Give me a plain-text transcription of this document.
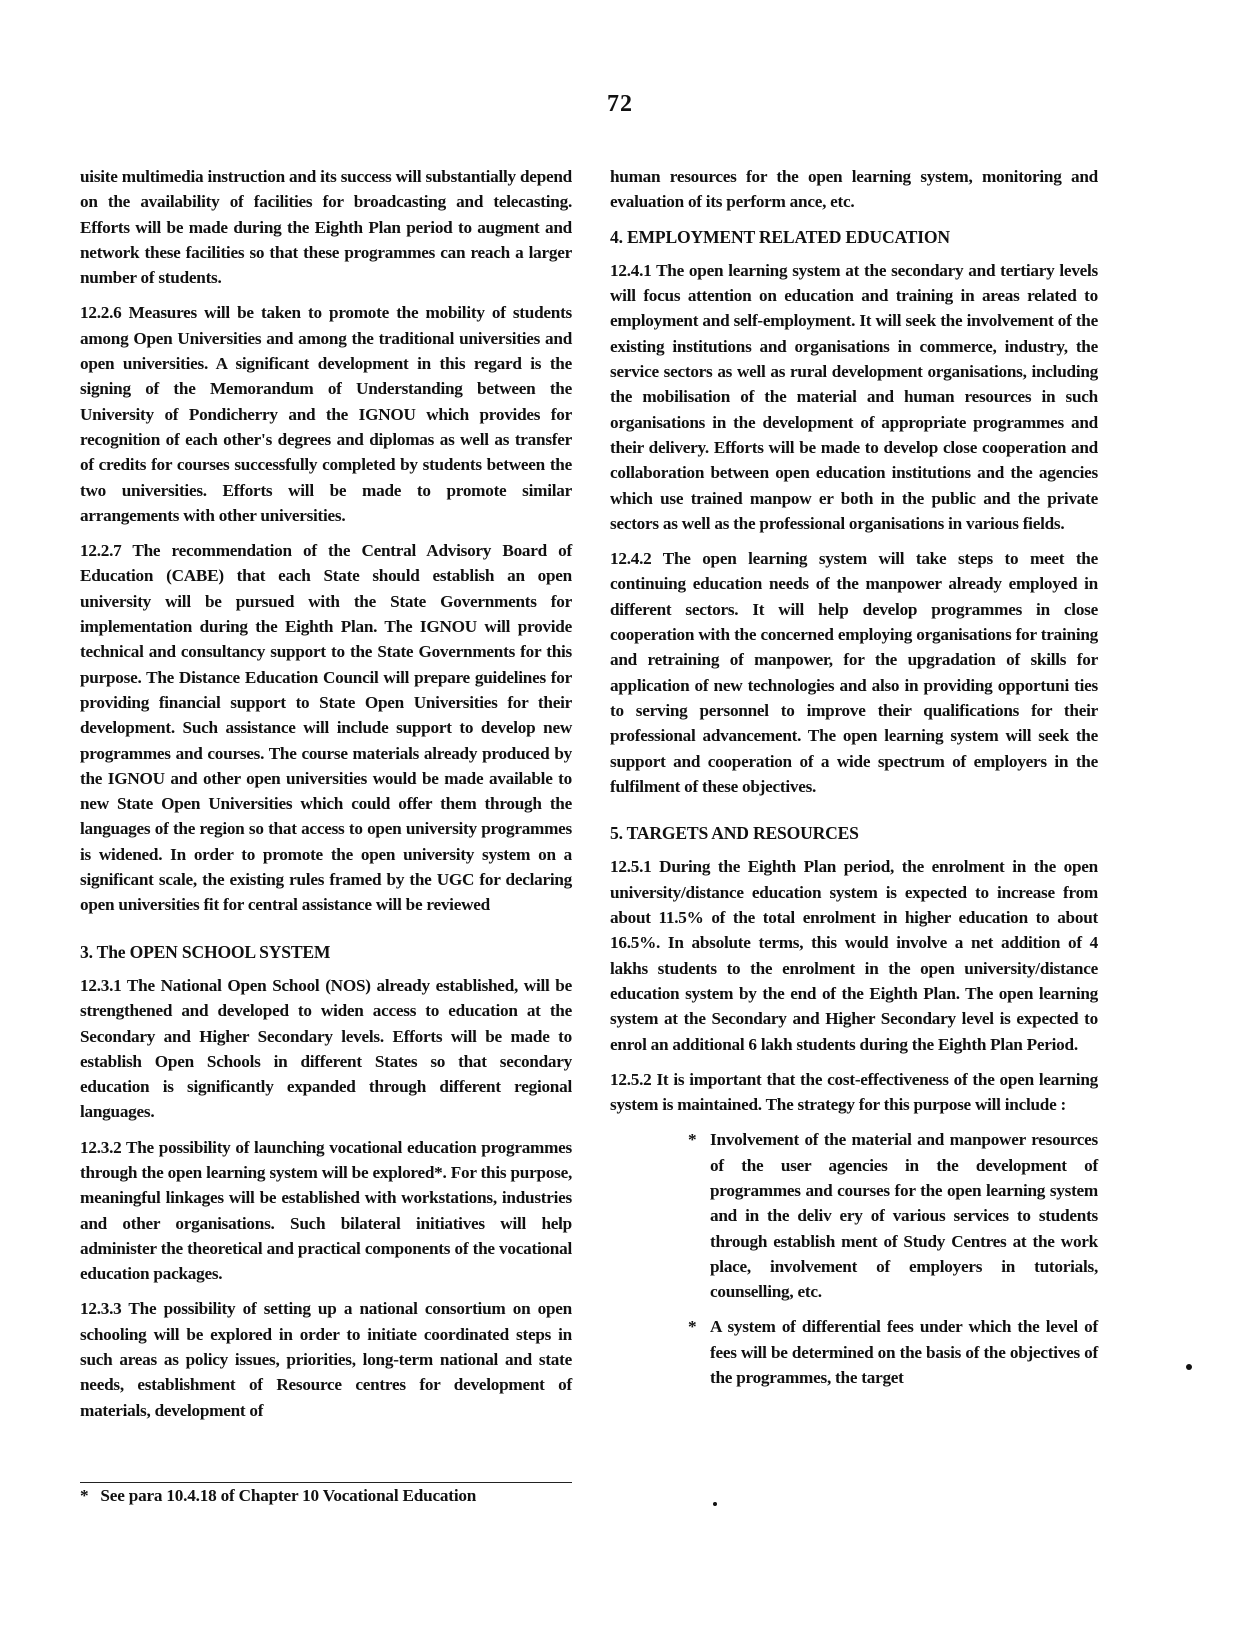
72

uisite multimedia instruction and its success will substantially depend on the availability of facilities for broadcasting and telecasting. Efforts will be made during the Eighth Plan period to augment and network these facilities so that these programmes can reach a larger number of students.

12.2.6 Measures will be taken to promote the mobility of students among Open Universities and among the traditional universities and open universities. A significant development in this regard is the signing of the Memorandum of Understanding between the University of Pondicherry and the IGNOU which provides for recognition of each other's degrees and diplomas as well as transfer of credits for courses successfully completed by students between the two universities. Efforts will be made to promote similar arrangements with other universities.

12.2.7 The recommendation of the Central Advisory Board of Education (CABE) that each State should establish an open university will be pursued with the State Governments for implementation during the Eighth Plan. The IGNOU will provide technical and consultancy support to the State Governments for this purpose. The Distance Education Council will prepare guidelines for providing financial support to State Open Universities for their development. Such assistance will include support to develop new programmes and courses. The course materials already produced by the IGNOU and other open universities would be made available to new State Open Universities which could offer them through the languages of the region so that access to open university programmes is widened. In order to promote the open university system on a significant scale, the existing rules framed by the UGC for declaring open universities fit for central assistance will be reviewed

3. The OPEN SCHOOL SYSTEM

12.3.1 The National Open School (NOS) already established, will be strengthened and developed to widen access to education at the Secondary and Higher Secondary levels. Efforts will be made to establish Open Schools in different States so that secondary education is significantly expanded through different regional languages.

12.3.2 The possibility of launching vocational education programmes through the open learning system will be explored*. For this purpose, meaningful linkages will be established with workstations, industries and other organisations. Such bilateral initiatives will help administer the theoretical and practical components of the vocational education packages.

12.3.3 The possibility of setting up a national consortium on open schooling will be explored in order to initiate coordinated steps in such areas as policy issues, priorities, long-term national and state needs, establishment of Resource centres for development of materials, development of

human resources for the open learning system, monitoring and evaluation of its perform ance, etc.

4. EMPLOYMENT RELATED EDUCATION

12.4.1 The open learning system at the secondary and tertiary levels will focus attention on education and training in areas related to employment and self-employment. It will seek the involvement of the existing institutions and organisations in commerce, industry, the service sectors as well as rural development organisations, including the mobilisation of the material and human resources in such organisations in the development of appropriate programmes and their delivery. Efforts will be made to develop close cooperation and collaboration between open education institutions and the agencies which use trained manpow er both in the public and the private sectors as well as the professional organisations in various fields.

12.4.2 The open learning system will take steps to meet the continuing education needs of the manpower already employed in different sectors. It will help develop programmes in close cooperation with the concerned employing organisations for training and retraining of manpower, for the upgradation of skills for application of new technologies and also in providing opportuni ties to serving personnel to improve their qualifications for their professional advancement. The open learning system will seek the support and cooperation of a wide spectrum of employers in the fulfilment of these objectives.

5. TARGETS AND RESOURCES

12.5.1 During the Eighth Plan period, the enrolment in the open university/distance education system is expected to increase from about 11.5% of the total enrolment in higher education to about 16.5%. In absolute terms, this would involve a net addition of 4 lakhs students to the enrolment in the open university/distance education system by the end of the Eighth Plan. The open learning system at the Secondary and Higher Secondary level is expected to enrol an additional 6 lakh students during the Eighth Plan Period.

12.5.2 It is important that the cost-effectiveness of the open learning system is maintained. The strategy for this purpose will include :

* Involvement of the material and manpower resources of the user agencies in the development of programmes and courses for the open learning system and in the deliv ery of various services to students through establish ment of Study Centres at the work place, involvement of employers in tutorials, counselling, etc.
* A system of differential fees under which the level of fees will be determined on the basis of the objectives of the programmes, the target
* See para 10.4.18 of Chapter 10 Vocational Education
